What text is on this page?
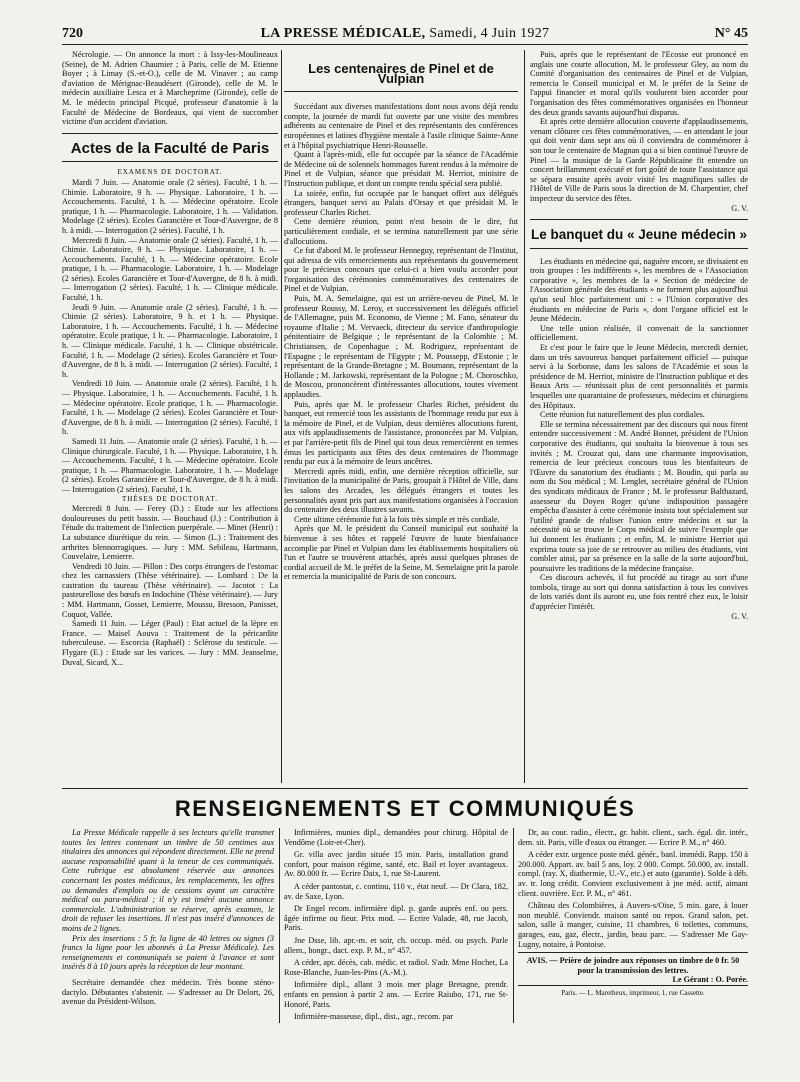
720	LA PRESSE MÉDICALE, Samedi, 4 Juin 1927	N° 45

Nécrologie. — On annonce la mort : à Issy-les-Moulineaux (Seine), de M. Adrien Chaumier ; à Paris, celle de M. Etienne Boyer ; à Limay (S.-et-O.), celle de M. Vinaver ; au camp d'aviation de Mérignac-Beaudésert (Gironde), celle de M. le médecin auxiliaire Lesca et à Marcheprime (Gironde), celle de M. le médecin principal Picqué, professeur d'anatomie à la Faculté de Médecine de Bordeaux, qui vient de succomber victime d'un accident d'aviation.

Actes de la Faculté de Paris

EXAMENS DE DOCTORAT.

Mardi 7 Juin. — Anatomie orale (2 séries). Faculté, 1 h. — Chimie. Laboratoire, 9 h. — Physique. Laboratoire, 1 h. — Accouchements. Faculté, 1 h. — Médecine opératoire. Ecole pratique, 1 h. — Pharmacologie. Laboratoire, 1 h. — Validation. Modelage (2 séries). Ecoles Garancière et Tour-d'Auvergne, de 8 h. à midi. — Interrogation (2 séries). Faculté, 1 h.

Mercredi 8 Juin. — Anatomie orale (2 séries). Faculté, 1 h. — Chimie. Laboratoire, 9 h. — Physique. Laboratoire, 1 h. — Accouchements. Faculté, 1 h. — Médecine opératoire. Ecole pratique, 1 h. — Pharmacologie. Laboratoire, 1 h. — Modelage (2 séries). Ecoles Garancière et Tour-d'Auvergne, de 8 h. à midi. — Interrogation (2 séries). Faculté, 1 h. — Clinique médicale. Faculté, 1 h.

Jeudi 9 Juin. — Anatomie orale (2 séries). Faculté, 1 h. — Chimie (2 séries). Laboratoire, 9 h. et 1 h. — Physique. Laboratoire, 1 h. — Accouchements. Faculté, 1 h. — Médecine opératoire. Ecole pratique, 1 h. — Pharmacologie. Laboratoire, 1 h. — Clinique médicale. Faculté, 1 h. — Clinique obstétricale. Faculté, 1 h. — Modelage (2 séries). Ecoles Garancière et Tour-d'Auvergne, de 8 h. à midi. — Interrogation (2 séries). Faculté, 1 h.

Vendredi 10 Juin. — Anatomie orale (2 séries). Faculté, 1 h. — Physique. Laboratoire, 1 h. — Accouchements. Faculté, 1 h. — Médecine opératoire. Ecole pratique, 1 h. — Pharmacologie. Faculté, 1 h. — Modelage (2 séries). Ecoles Garancière et Tour-d'Auvergne, de 8 h. à midi. — Interrogation (2 séries). Faculté, 1 h.

Samedi 11 Juin. — Anatomie orale (2 séries). Faculté, 1 h. — Clinique chirurgicale. Faculté, 1 h. — Physique. Laboratoire, 1 h. — Accouchements. Faculté, 1 h. — Médecine opératoire. Ecole pratique, 1 h. — Pharmacologie. Laboratoire, 1 h. — Modelage (2 séries). Ecoles Garancière et Tour-d'Auvergne, de 8 h. à midi. — Interrogation (2 séries). Faculté, 1 h.

THÈSES DE DOCTORAT.

Mercredi 8 Juin. — Ferey (D.) : Etude sur les affections douloureuses du petit bassin. — Bouchaud (J.) : Contribution à l'étude du traitement de l'infection puerpérale. — Minet (Henri) : La substance diurétique du rein. — Simon (L.) : Traitement des arthrites blennorragiques. — Jury : MM. Sebileau, Hartmann, Couvelaire, Lemierre.

Vendredi 10 Juin. — Pillon : Des corps étrangers de l'estomac chez les carnassiers (Thèse vétérinaire). — Lombard : De la castration du taureau (Thèse vétérinaire). — Jacotot : La pasteurellose des bœufs en Indochine (Thèse vétérinaire). — Jury : MM. Hartmann, Gosset, Lemierre, Moussu, Bresson, Panisset, Coquot, Vallée.

Samedi 11 Juin. — Léger (Paul) : Etat actuel de la lèpre en France. — Maisel Aouva : Traitement de la péricardite tuberculeuse. — Escorcia (Raphaël) : Sclérose du testicule. — Flygare (E.) : Etude sur les varices. — Jury : MM. Jeanselme, Duval, Sicard, X...

Les centenaires de Pinel et de Vulpian

Succédant aux diverses manifestations dont nous avons déjà rendu compte, la journée de mardi fut ouverte par une visite des membres adhérents au centenaire de Pinel et des représentants des conférences européennes et latines d'hygiène mentale à l'asile clinique Sainte-Anne et à l'hôpital psychiatrique Henri-Rousselle.

Quant à l'après-midi, elle fut occupée par la séance de l'Académie de Médecine où de solennels hommages furent rendus à la mémoire de Pinel et de Vulpian, séance que présidait M. Herriot, ministre de l'Instruction publique, et dont un compte rendu spécial sera publié.

La soirée, enfin, fut occupée par le banquet offert aux délégués étrangers, banquet servi au Palais d'Orsay et que présidait M. le professeur Charles Richet.

Cette dernière réunion, point n'est besoin de le dire, fut particulièrement cordiale, et se termina naturellement par une série d'allocutions.

Ce fut d'abord M. le professeur Henneguy, représentant de l'Institut, qui adressa de vifs remerciements aux représentants du gouvernement pour le précieux concours que celui-ci a bien voulu accorder pour l'organisation des cérémonies commémoratives des centenaires de Pinel et de Vulpian.

Puis, M. A. Semelaigne, qui est un arrière-neveu de Pinel, M. le professeur Roussy, M. Leroy, et successivement les délégués officiel de l'Allemagne, puis M. Economo, de Vienne ; M. Fano, sénateur du royaume d'Italie ; M. Vervaeck, directeur du service d'anthropologie pénitentiaire de Belgique ; le représentant de la Colombie ; M. Christiansen, de Copenhague ; M. Rodriguez, représentant de l'Espagne ; le représentant de l'Egypte ; M. Poussepp, d'Estonie ; le représentant de la Grande-Bretagne ; M. Boumann, représentant de la Hollande ; M. Jarkowski, représentant de la Pologne ; M. Choroschko, de Moscou, prononcèrent d'intéressantes allocutions, toutes vivement applaudies.

Puis, après que M. le professeur Charles Richet, président du banquet, eut remercié tous les assistants de l'hommage rendu par eux à la mémoire de Pinel, et de Vulpian, deux dernières allocutions furent, aux vifs applaudissements de l'assistance, prononcées par M. Vulpian, et par l'arrière-petit fils de Pinel qui tous deux remercièrent en termes émus les participants aux fêtes des deux centenaires de l'hommage rendu par eux à la mémoire de leurs ancêtres.

Mercredi après midi, enfin, une dernière réception officielle, sur l'invitation de la municipalité de Paris, groupait à l'Hôtel de Ville, dans les salons des Arcades, les délégués étrangers et toutes les personnalités ayant pris part aux manifestations organisées à l'occasion du centenaire des deux illustres savants.

Cette ultime cérémonie fut à la fois très simple et très cordiale.

Après que M. le président du Conseil municipal eut souhaité la bienvenue à ses hôtes et rappelé l'œuvre de haute bienfaisance accomplie par Pinel et Vulpian dans les établissements hospitaliers où l'un et l'autre se trouvèrent attachés, après aussi quelques phrases de cordial accueil de M. le préfet de la Seine, M. Semelaigne prit la parole et remercia la municipalité de Paris de son concours.

Puis, après que le représentant de l'Ecosse eut prononcé en anglais une courte allocution, M. le professeur Gley, au nom du Comité d'organisation des centenaires de Pinel et de Vulpian, remercia le Conseil municipal et M. le préfet de la Seine de l'appui financier et moral qu'ils voulurent bien accorder pour l'organisation des fêtes commémoratives organisées en l'honneur des deux grands savants aujourd'hui disparus.

Et après cette dernière allocution couverte d'applaudissements, venant clôturer ces fêtes commémoratives, — en attendant le jour qui doit venir dans sept ans où il conviendra de commémorer à son tour le centenaire de Magnan qui a si bien continué l'œuvre de Pinel — la musique de la Garde Républicaine fit entendre un concert brillamment exécuté et fort goûté de toute l'assistance qui se sépara ensuite après avoir visité les magnifiques salles de l'Hôtel de Ville de Paris sous la direction de M. Charpentier, chef inspecteur du service des fêtes.

G. V.

Le banquet du « Jeune médecin »

Les étudiants en médecine qui, naguère encore, se divisaient en trois groupes : les indifférents », les membres de « l'Association corporative », les membres de la « Section de médecine de l'Association générale des étudiants » ne forment plus aujourd'hui qu'un seul bloc parfaitement uni : « l'Union corporative des étudiants en médecine de Paris », dont l'organe officiel est le Jeune Médecin.

Une telle union réalisée, il convenait de la sanctionner officiellement.

Et c'est pour le faire que le Jeune Médecin, mercredi dernier, dans un très savoureux banquet parfaitement officiel — puisque servi à la Sorbonne, dans les salons de l'Académie et sous la présidence de M. Herriot, ministre de l'Instruction publique et des Beaux Arts — réunissait plus de cent personnalités et parmis lesquelles une quarantaine de professeurs, médecins et chirurgiens des Hôpitaux.

Cette réunion fut naturellement des plus cordiales.

Elle se termina nécessairement par des discours qui nous firent entendre successivement : M. André Bonnet, président de l'Union corporative des étudiants, qui souhaita la bienvenue à tous ses invités ; M. Crouzat qui, dans une charmante improvisation, remercia de leur précieux concours tous les bienfaiteurs de l'Œuvre du sanatorium des étudiants ; M. Boudin, qui parla au nom du Sou médical ; M. Lenglet, secrétaire général de l'Union des syndicats médicaux de France ; M. le professeur Balthazard, assesseur du Doyen Roger qu'une indisposition passagère empêcha d'assister à cette cérémonie insista tout spécialement sur l'utilité grande de réaliser l'union entre médecins et sur la nécessité où se trouve le Corps médical de suivre l'exemple que lui donnent les étudiants ; et enfin, M. le ministre Herriot qui exprima toute sa joie de se retrouver au milieu des étudiants, vint combler ainsi, par sa présence en la salle de la sorte aujourd'hui, poursuivre les traditions de la médecine française.

Ces discours achevés, il fut procédé au tirage au sort d'une tombola, tirage au sort qui donna satisfaction à tous les convives de lots variés dont ils auront eu, une fois rentré chez eux, le loisir d'apprécier l'intérêt.

G. V.

RENSEIGNEMENTS ET COMMUNIQUÉS

La Presse Médicale rappelle à ses lecteurs qu'elle transmet toutes les lettres contenant un timbre de 50 centimes aux titulaires des annonces qui répondent directement. Elle ne prend aucune responsabilité quant à la teneur de ces communiqués. Cette rubrique est absolument réservée aux annonces concernant les postes médicaux, les remplacements, les offres ou demandes d'emplois ou de cessions ayant un caractère médical ou para-médical ; il n'y est inséré aucune annonce commerciale. L'administration se réserve, après examen, le droit de refuser les insertions. Il n'est pas inséré d'annonces de moins de 2 lignes.

Prix des insertions : 5 fr. la ligne de 40 lettres ou signes (3 francs la ligne pour les abonnés à La Presse Médicale). Les renseignements et communiqués se paient à l'avance et sont insérés 8 à 10 jours après la réception de leur montant.

Secrétaire demandée chez médecin. Très bonne sténo-dactylo. Débutantes s'abstenir. — S'adresser au Dr Delort, 26, avenue du Président-Wilson.

Infirmières, munies dipl., demandées pour chirurg. Hôpital de Vendôme (Loir-et-Cher).

Gr. villa avec jardin située 15 min. Paris, installation grand confort, pour maison régime, santé, etc. Bail et loyer avantageux. Av. 80.000 fr. — Ecrire Daix, 1, rue St-Laurent.

A céder pantostat, c. continu, 110 v., état neuf. — Dr Clara, 182, av. de Saxe, Lyon.

Dr Engel recom. infirmière dipl. p. garde auprès enf. ou pers. âgée infirme ou fieur. Prix mod. — Ecrire Valade, 48, rue Jacob, Paris.

Jne Dsse, lib. apr.-m. et soir, ch. occup. méd. ou psych. Parle allem., hongr., dact. exp. P. M., n° 457.

A céder, apr. décès, cab. médic. et radiol. S'adr. Mme Hochet, La Rose-Blanche, Juan-les-Pins (A.-M.).

Infirmière dipl., allant 3 mois mer plage Bretagne, prendr. enfants en pension à partir 2 ans. — Ecrire Raiubo, 171, rue St-Honoré, Paris.

Infirmière-masseuse, dipl., dist., agr., recom. par

Dr, au cour. radio., électr., gr. habit. client., sach. égal. dir. intér., dem. sit. Paris, ville d'eaux ou étranger. — Ecrire P. M., n° 460.

A céder extr. urgence poste méd. génér., banl. immédi. Rapp. 150 à 200.000. Appart. av. bail 5 ans, loy. 2 000. Compt. 50.000, av. install. compl. (ray. X, diathermie, U.-V., etc.) et auto (garantie). Solde à déb. av. tr. long crédit. Convient exclusivement à jne méd. actif, aimant client. ouvrière. Ecr. P. M., n° 461.

Château des Colombières, à Auvers-s/Oise, 5 min. gare, à louer non meublé. Conviendr. maison santé ou repos. Grand salon, pet. salon, salle à manger, cuisine, 11 chambres, 6 toilettes, communs, garages, eau, gaz, électr., jardin, beau parc. — S'adresser Me Gay-Lugny, notaire, à Pontoise.

AVIS. — Prière de joindre aux réponses un timbre de 0 fr. 50 pour la transmission des lettres.

Le Gérant : O. Porée.

Paris. — L. Maretheux, imprimeur, 1, rue Cassette.
